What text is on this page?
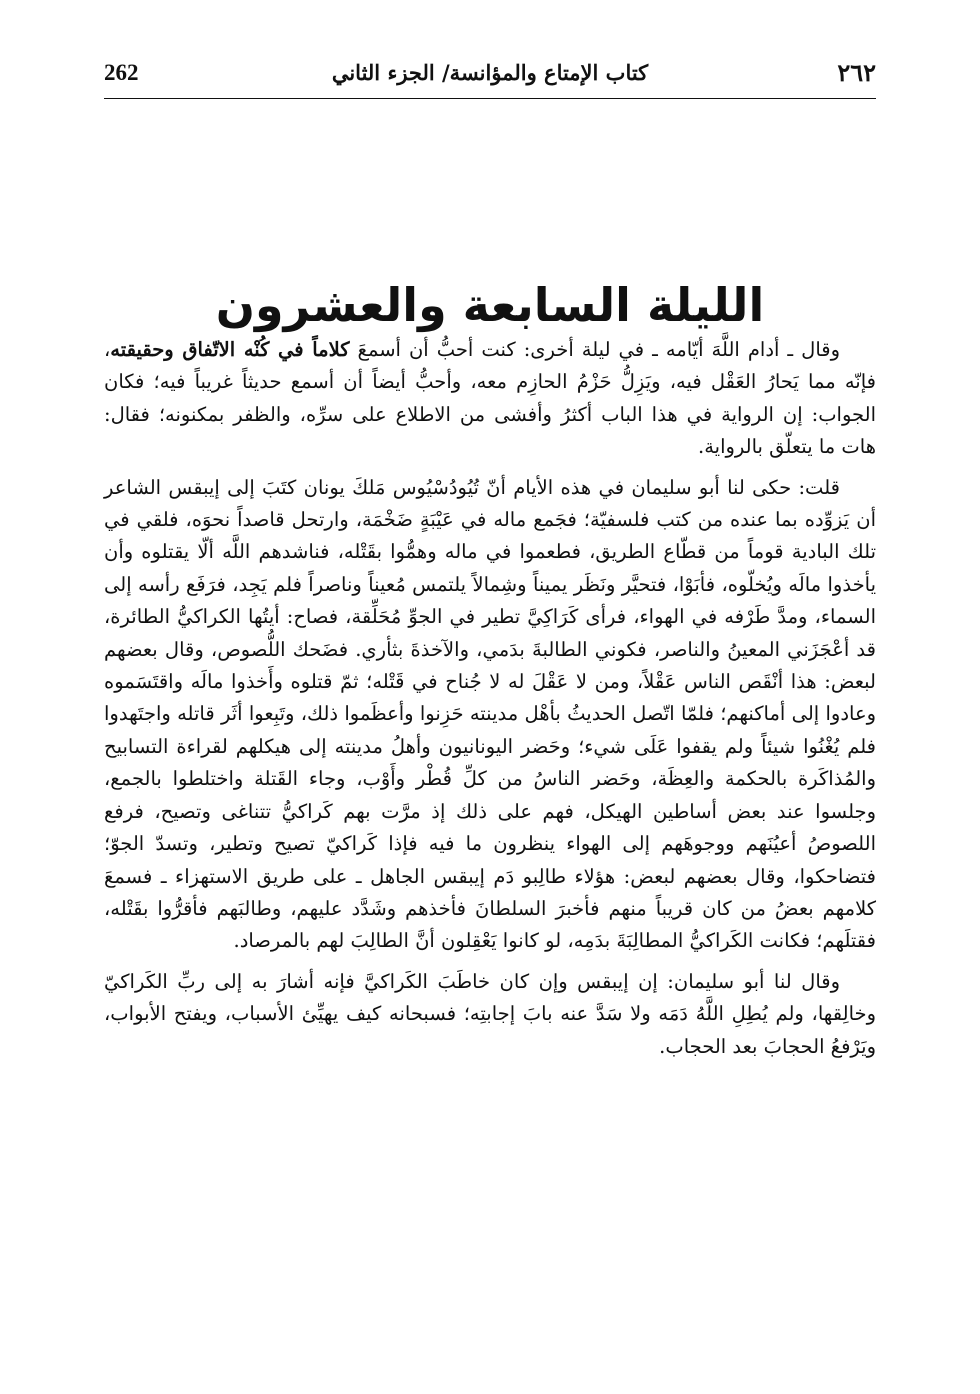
262	كتاب الإمتاع والمؤانسة/ الجزء الثاني	٢٦٢
الليلة السابعة والعشرون

وقال ـ أدام اللَّهَ أيّامه ـ في ليلة أخرى: كنت أحبُّ أن أسمعَ كلاماً في كُنْه الاتّفاق وحقيقته، فإنّه مما يَحارُ العَقْل فيه، ويَزِلُّ حَزْمُ الحازِم معه، وأحبُّ أيضاً أن أسمع حديثاً غريباً فيه؛ فكان الجواب: إن الرواية في هذا الباب أكثرُ وأفشى من الاطلاع على سرِّه، والظفر بمكنونه؛ فقال: هات ما يتعلّق بالرواية.

قلت: حكى لنا أبو سليمان في هذه الأيام أنّ تُيُودُسْيُوس مَلكَ يونان كتَبَ إلى إيبقس الشاعر أن يَزوِّده بما عنده من كتب فلسفيّة؛ فجَمع ماله في عَيْبَةٍ ضَخْمَة، وارتحل قاصداً نحوَه، فلقي في تلك البادية قوماً من قطّاع الطريق، فطعموا في ماله وهمُّوا بقَتْله، فناشدهم اللَّه ألّا يقتلوه وأن يأخذوا مالَه ويُخلّوه، فأبَوْا، فتحيَّر ونَظَر يميناً وشِمالاً يلتمس مُعيناً وناصراً فلم يَجِد، فرَفَع رأسه إلى السماء، ومدَّ طَرْفه في الهواء، فرأى كَرَاكِيَّ تطير في الجوِّ مُحَلِّقة، فصاح: أيتُها الكراكيُّ الطائرة، قد أعْجَزَني المعينُ والناصر، فكوني الطالبةَ بدَمي، والآخذةَ بثأري. فضَحك اللُّصوص، وقال بعضهم لبعض: هذا أنْقَص الناس عَقْلاً، ومن لا عَقْلَ له لا جُناح في قَتْله؛ ثمّ قتلوه وأَخذوا مالَه واقتَسَموه وعادوا إلى أماكنهم؛ فلمّا اتّصل الحديثُ بأهْل مدينته حَزِنوا وأعظَموا ذلك، وتَبِعوا أثَر قاتله واجتَهدوا فلم يُغْنُوا شيئاً ولم يقفوا عَلَى شيء؛ وحَضر اليونانيون وأهلُ مدينته إلى هيكلهم لقراءة التسابيح والمُذاكَرة بالحكمة والعِظَة، وحَضر الناسُ من كلِّ قُطْر وأَوْب، وجاء القَتلة واختلطوا بالجمع، وجلسوا عند بعض أساطين الهيكل، فهم على ذلك إذ مرَّت بهم كَراكيُّ تتناغى وتصيح، فرفع اللصوصُ أعيُنَهم ووجوهَهم إلى الهواء ينظرون ما فيه فإذا كَراكيّ تصيح وتطير، وتسدّ الجوّ؛ فتضاحكوا، وقال بعضهم لبعض: هؤلاء طالِبو دَم إيبقس الجاهل ـ على طريق الاستهزاء ـ فسمعَ كلامهم بعضُ من كان قريباً منهم فأخبرَ السلطانَ فأخذهم وشَدَّد عليهم، وطالبَهم فأقرُّوا بقَتْله، فقتلَهم؛ فكانت الكَراكيُّ المطالِبَةَ بدَمِه، لو كانوا يَعْقِلون أنَّ الطالِبَ لهم بالمرصاد.

وقال لنا أبو سليمان: إن إيبقس وإن كان خاطَبَ الكَراكيَّ فإنه أشارَ به إلى ربِّ الكَراكيّ وخالِقها، ولم يُطِلِ اللَّهُ دَمَه ولا سَدَّ عنه بابَ إجابتِه؛ فسبحانه كيف يهيِّئ الأسباب، ويفتح الأبواب، ويَرْفعُ الحجابَ بعد الحجاب.
